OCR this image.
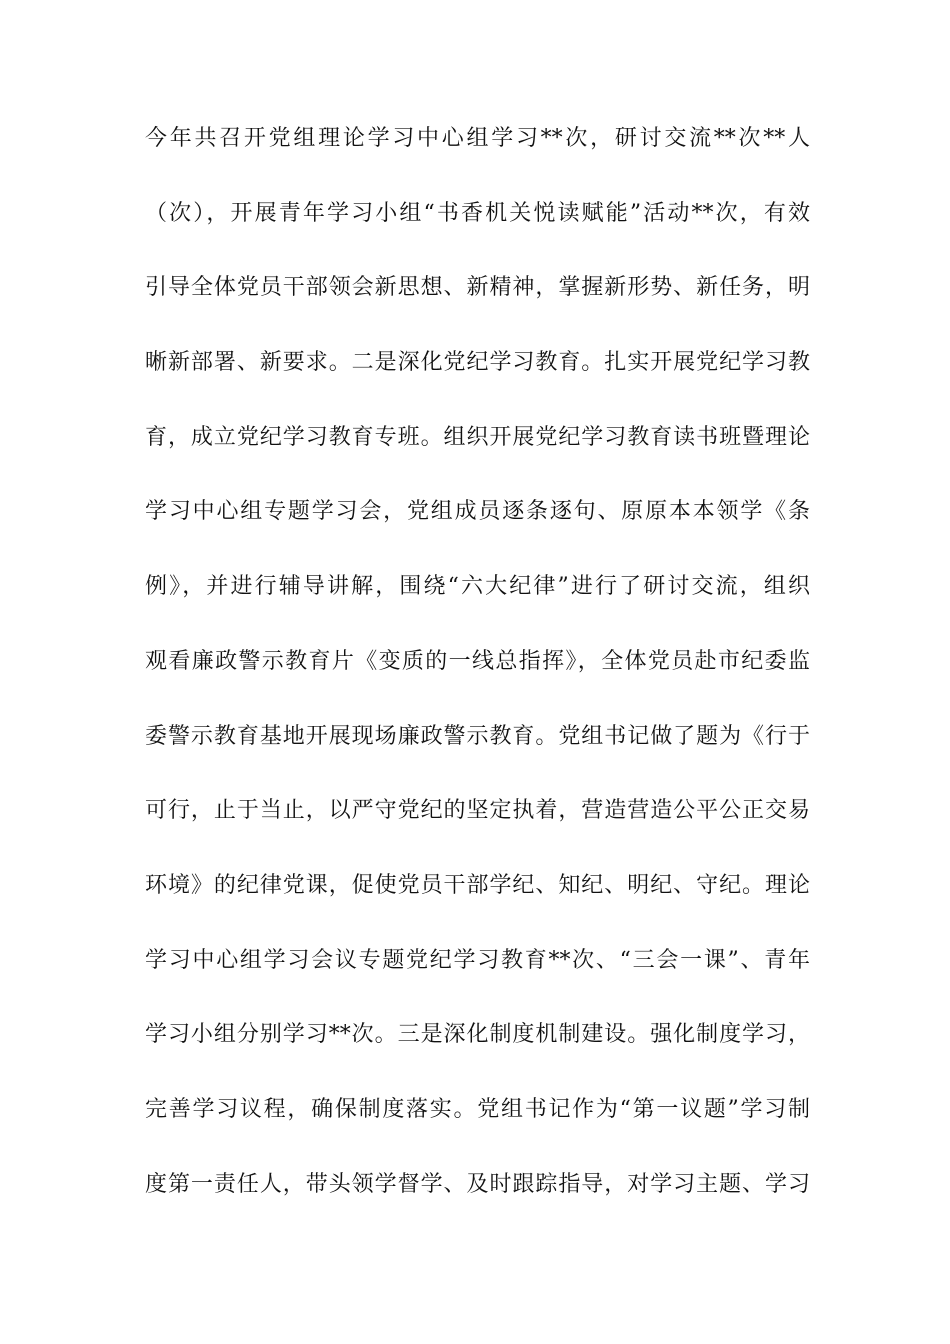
今年共召开党组理论学习中心组学习**次，研讨交流**次**人
（次），开展青年学习小组“书香机关悦读赋能”活动**次，有效
引导全体党员干部领会新思想、新精神，掌握新形势、新任务，明
晰新部署、新要求。二是深化党纪学习教育。扎实开展党纪学习教
育，成立党纪学习教育专班。组织开展党纪学习教育读书班暨理论
学习中心组专题学习会，党组成员逐条逐句、原原本本领学《条
例》，并进行辅导讲解，围绕“六大纪律”进行了研讨交流，组织
观看廉政警示教育片《变质的一线总指挥》，全体党员赴市纪委监
委警示教育基地开展现场廉政警示教育。党组书记做了题为《行于
可行，止于当止，以严守党纪的坚定执着，营造营造公平公正交易
环境》的纪律党课，促使党员干部学纪、知纪、明纪、守纪。理论
学习中心组学习会议专题党纪学习教育**次、“三会一课”、青年
学习小组分别学习**次。三是深化制度机制建设。强化制度学习，
完善学习议程，确保制度落实。党组书记作为“第一议题”学习制
度第一责任人，带头领学督学、及时跟踪指导，对学习主题、学习
